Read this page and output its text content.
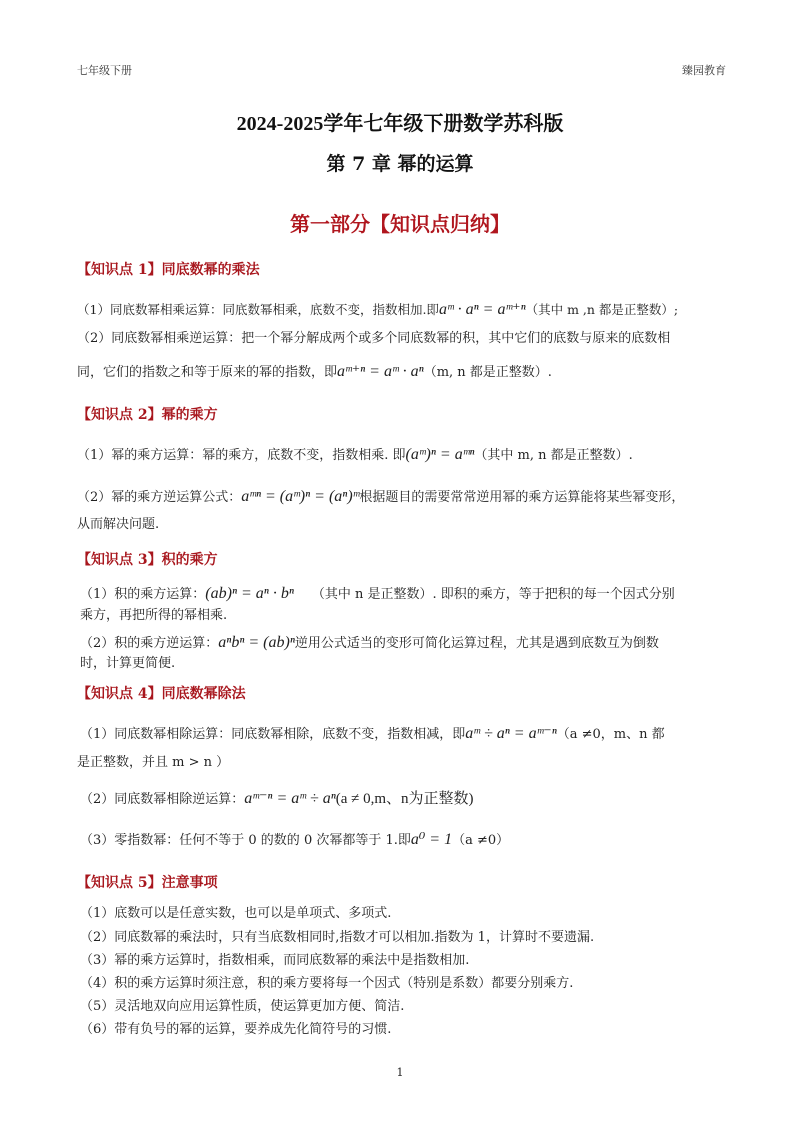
七年级下册	臻园教育
2024-2025学年七年级下册数学苏科版
第 7 章 幂的运算
第一部分【知识点归纳】
【知识点 1】同底数幂的乘法
（1）同底数幂相乘运算：同底数幂相乘，底数不变，指数相加.即aᵐ · aⁿ = aᵐ⁺ⁿ（其中 m ,n 都是正整数）;
（2）同底数幂相乘逆运算：把一个幂分解成两个或多个同底数幂的积，其中它们的底数与原来的底数相
同，它们的指数之和等于原来的幂的指数，即aᵐ⁺ⁿ = aᵐ · aⁿ（m, n 都是正整数）.
【知识点 2】幂的乘方
（1）幂的乘方运算：幂的乘方，底数不变，指数相乘. 即(aᵐ)ⁿ = aᵐⁿ（其中 m, n 都是正整数）.
（2）幂的乘方逆运算公式：aᵐⁿ = (aᵐ)ⁿ = (aⁿ)ᵐ根据题目的需要常常逆用幂的乘方运算能将某些幂变形，
从而解决问题.
【知识点 3】积的乘方
（1）积的乘方运算：(ab)ⁿ = aⁿ · bⁿ （其中 n 是正整数）. 即积的乘方，等于把积的每一个因式分别
乘方，再把所得的幂相乘.
（2）积的乘方逆运算：aⁿbⁿ = (ab)ⁿ逆用公式适当的变形可简化运算过程，尤其是遇到底数互为倒数
时，计算更简便.
【知识点 4】同底数幂除法
（1）同底数幂相除运算：同底数幂相除，底数不变，指数相减，即aᵐ ÷ aⁿ = aᵐ⁻ⁿ（a ≠0，m、n 都
是正整数，并且 m > n ）
（2）同底数幂相除逆运算：aᵐ⁻ⁿ = aᵐ ÷ aⁿ(a ≠ 0,m、n为正整数)
（3）零指数幂：任何不等于 0 的数的 0 次幂都等于 1.即a⁰ = 1（a ≠0）
【知识点 5】注意事项
（1）底数可以是任意实数，也可以是单项式、多项式.
（2）同底数幂的乘法时，只有当底数相同时,指数才可以相加.指数为 1，计算时不要遗漏.
（3）幂的乘方运算时，指数相乘，而同底数幂的乘法中是指数相加.
（4）积的乘方运算时须注意，积的乘方要将每一个因式（特别是系数）都要分别乘方.
（5）灵活地双向应用运算性质，使运算更加方便、简洁.
（6）带有负号的幂的运算，要养成先化简符号的习惯.
1
